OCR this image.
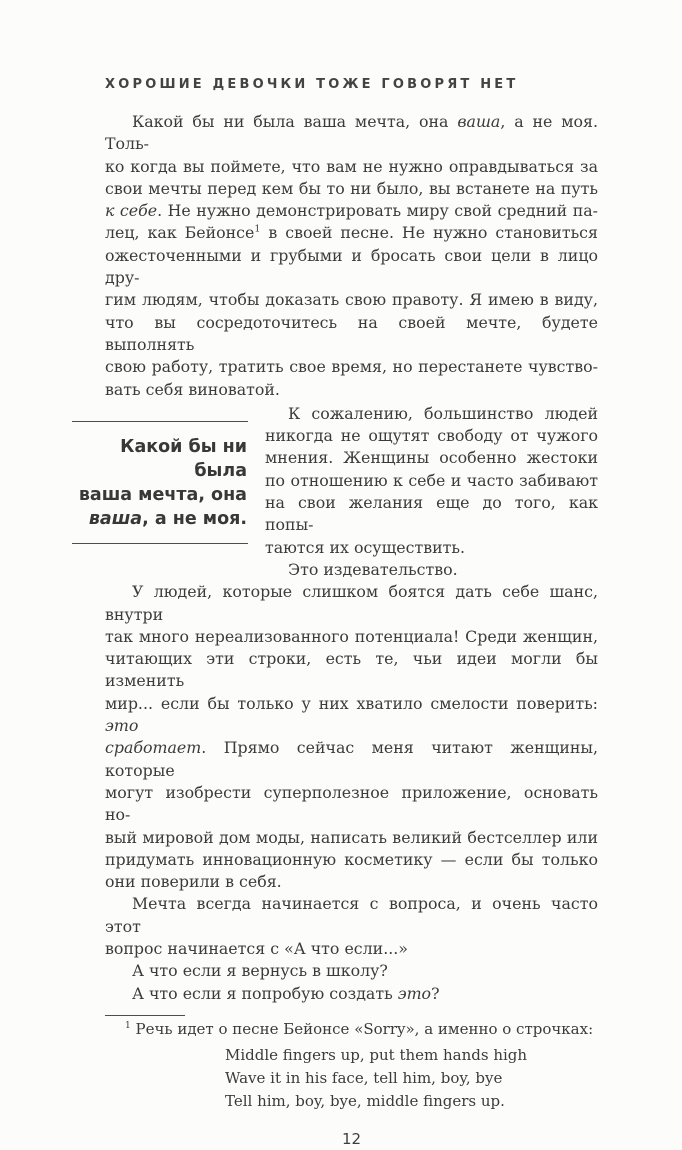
ХОРОШИЕ ДЕВОЧКИ ТОЖЕ ГОВОРЯТ НЕТ
Какой бы ни была ваша мечта, она ваша, а не моя. Толь-
ко когда вы поймете, что вам не нужно оправдываться за
свои мечты перед кем бы то ни было, вы встанете на путь
к себе. Не нужно демонстрировать миру свой средний па-
лец, как Бейонсе$^1$ в своей песне. Не нужно становиться
ожесточенными и грубыми и бросать свои цели в лицо дру-
гим людям, чтобы доказать свою правоту. Я имею в виду,
что вы сосредоточитесь на своей мечте, будете выполнять
свою работу, тратить свое время, но перестанете чувство-
вать себя виноватой.
Какой бы ни была
ваша мечта, она
ваша, а не моя.
К сожалению, большинство людей
никогда не ощутят свободу от чужого
мнения. Женщины особенно жестоки
по отношению к себе и часто забивают
на свои желания еще до того, как попы-
таются их осуществить.
Это издевательство.
У людей, которые слишком боятся дать себе шанс, внутри
так много нереализованного потенциала! Среди женщин,
читающих эти строки, есть те, чьи идеи могли бы изменить
мир... если бы только у них хватило смелости поверить: это
сработает. Прямо сейчас меня читают женщины, которые
могут изобрести суперполезное приложение, основать но-
вый мировой дом моды, написать великий бестселлер или
придумать инновационную косметику — если бы только
они поверили в себя.
Мечта всегда начинается с вопроса, и очень часто этот
вопрос начинается с «А что если...»
А что если я вернусь в школу?
А что если я попробую создать это?
$^1$ Речь идет о песне Бейонсе «Sorry», а именно о строчках:
Middle fingers up, put them hands high
Wave it in his face, tell him, boy, bye
Tell him, boy, bye, middle fingers up.
12
